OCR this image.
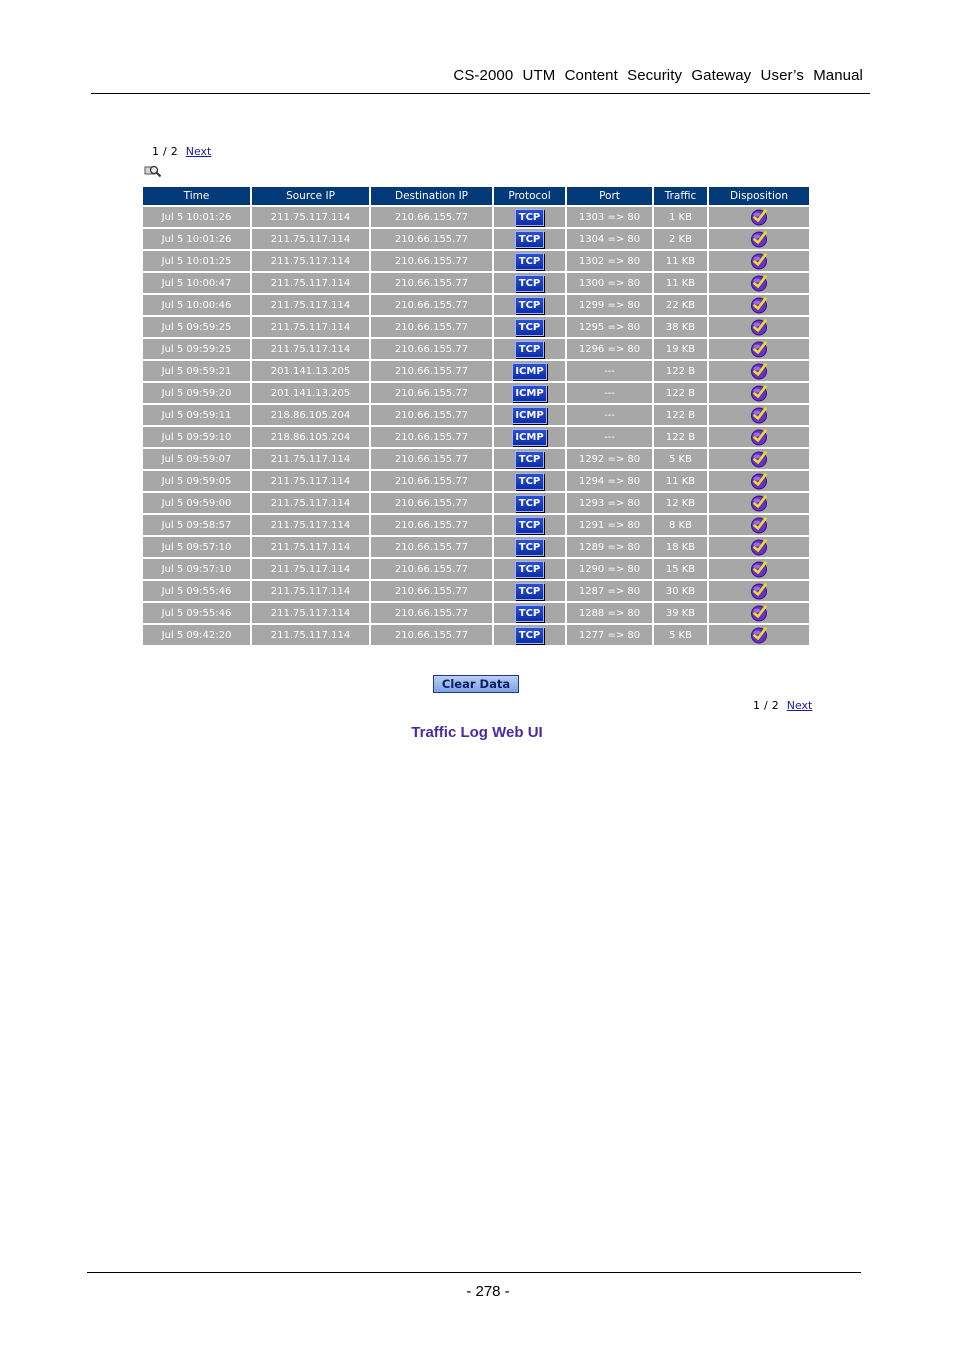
CS-2000 UTM Content Security Gateway User’s Manual
1 / 2 Next
Time	Source IP	Destination IP	Protocol	Port	Traffic	Disposition
Jul 5 10:01:26	211.75.117.114	210.66.155.77	TCP	1303 => 80	1 KB	
Jul 5 10:01:26	211.75.117.114	210.66.155.77	TCP	1304 => 80	2 KB	
Jul 5 10:01:25	211.75.117.114	210.66.155.77	TCP	1302 => 80	11 KB	
Jul 5 10:00:47	211.75.117.114	210.66.155.77	TCP	1300 => 80	11 KB	
Jul 5 10:00:46	211.75.117.114	210.66.155.77	TCP	1299 => 80	22 KB	
Jul 5 09:59:25	211.75.117.114	210.66.155.77	TCP	1295 => 80	38 KB	
Jul 5 09:59:25	211.75.117.114	210.66.155.77	TCP	1296 => 80	19 KB	
Jul 5 09:59:21	201.141.13.205	210.66.155.77	ICMP	---	122 B	
Jul 5 09:59:20	201.141.13.205	210.66.155.77	ICMP	---	122 B	
Jul 5 09:59:11	218.86.105.204	210.66.155.77	ICMP	---	122 B	
Jul 5 09:59:10	218.86.105.204	210.66.155.77	ICMP	---	122 B	
Jul 5 09:59:07	211.75.117.114	210.66.155.77	TCP	1292 => 80	5 KB	
Jul 5 09:59:05	211.75.117.114	210.66.155.77	TCP	1294 => 80	11 KB	
Jul 5 09:59:00	211.75.117.114	210.66.155.77	TCP	1293 => 80	12 KB	
Jul 5 09:58:57	211.75.117.114	210.66.155.77	TCP	1291 => 80	8 KB	
Jul 5 09:57:10	211.75.117.114	210.66.155.77	TCP	1289 => 80	18 KB	
Jul 5 09:57:10	211.75.117.114	210.66.155.77	TCP	1290 => 80	15 KB	
Jul 5 09:55:46	211.75.117.114	210.66.155.77	TCP	1287 => 80	30 KB	
Jul 5 09:55:46	211.75.117.114	210.66.155.77	TCP	1288 => 80	39 KB	
Jul 5 09:42:20	211.75.117.114	210.66.155.77	TCP	1277 => 80	5 KB	
Clear Data
1 / 2 Next
Traffic Log Web UI
- 278 -
